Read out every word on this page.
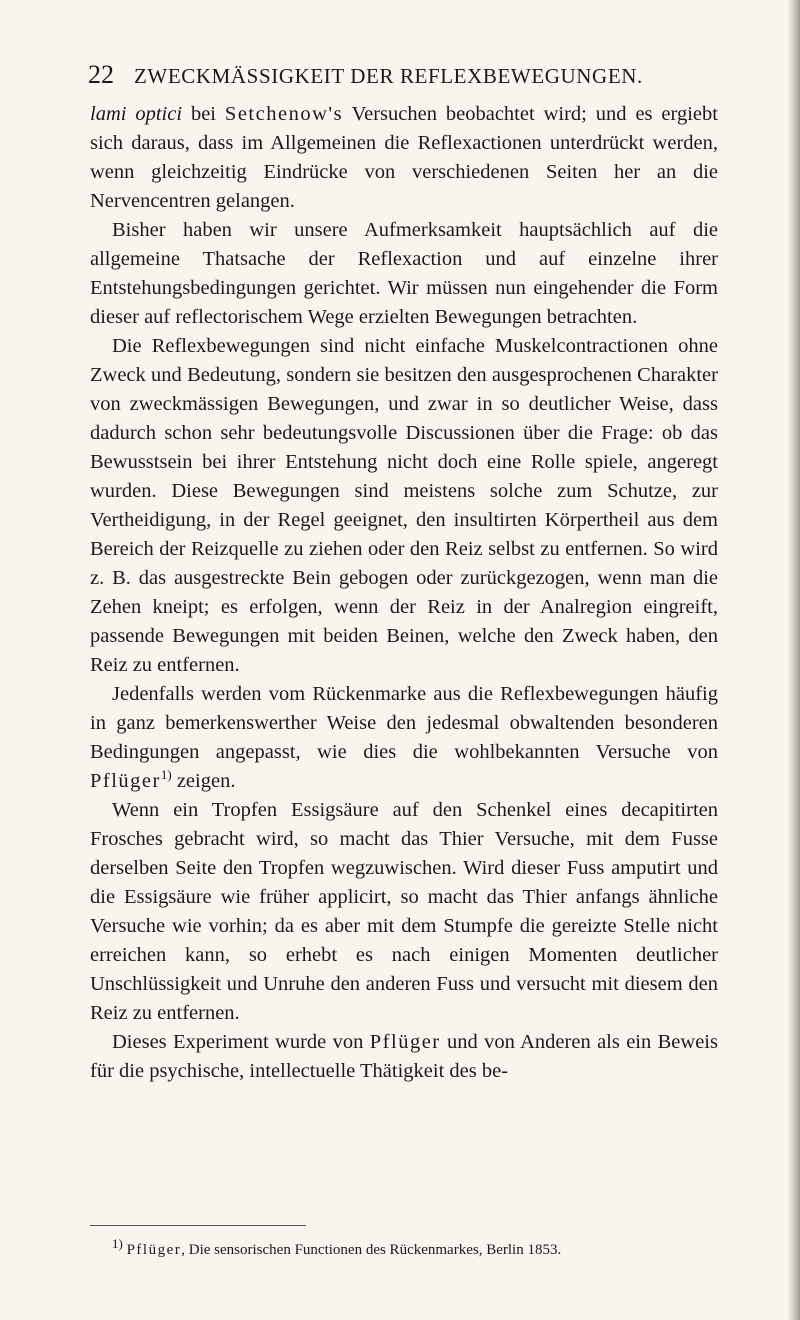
22 ZWECKMÄSSIGKEIT DER REFLEXBEWEGUNGEN.

lami optici bei Setchenow's Versuchen beobachtet wird; und es ergiebt sich daraus, dass im Allgemeinen die Reflexactionen unterdrückt werden, wenn gleichzeitig Eindrücke von verschiedenen Seiten her an die Nervencentren gelangen.

Bisher haben wir unsere Aufmerksamkeit hauptsächlich auf die allgemeine Thatsache der Reflexaction und auf einzelne ihrer Entstehungsbedingungen gerichtet. Wir müssen nun eingehender die Form dieser auf reflectorischem Wege erzielten Bewegungen betrachten.

Die Reflexbewegungen sind nicht einfache Muskelcontractionen ohne Zweck und Bedeutung, sondern sie besitzen den ausgesprochenen Charakter von zweckmässigen Bewegungen, und zwar in so deutlicher Weise, dass dadurch schon sehr bedeutungsvolle Discussionen über die Frage: ob das Bewusstsein bei ihrer Entstehung nicht doch eine Rolle spiele, angeregt wurden. Diese Bewegungen sind meistens solche zum Schutze, zur Vertheidigung, in der Regel geeignet, den insultirten Körpertheil aus dem Bereich der Reizquelle zu ziehen oder den Reiz selbst zu entfernen. So wird z. B. das ausgestreckte Bein gebogen oder zurückgezogen, wenn man die Zehen kneipt; es erfolgen, wenn der Reiz in der Analregion eingreift, passende Bewegungen mit beiden Beinen, welche den Zweck haben, den Reiz zu entfernen.

Jedenfalls werden vom Rückenmarke aus die Reflexbewegungen häufig in ganz bemerkenswerther Weise den jedesmal obwaltenden besonderen Bedingungen angepasst, wie dies die wohlbekannten Versuche von Pflüger$^{1)}$ zeigen.

Wenn ein Tropfen Essigsäure auf den Schenkel eines decapitirten Frosches gebracht wird, so macht das Thier Versuche, mit dem Fusse derselben Seite den Tropfen wegzuwischen. Wird dieser Fuss amputirt und die Essigsäure wie früher applicirt, so macht das Thier anfangs ähnliche Versuche wie vorhin; da es aber mit dem Stumpfe die gereizte Stelle nicht erreichen kann, so erhebt es nach einigen Momenten deutlicher Unschlüssigkeit und Unruhe den anderen Fuss und versucht mit diesem den Reiz zu entfernen.

Dieses Experiment wurde von Pflüger und von Anderen als ein Beweis für die psychische, intellectuelle Thätigkeit des be-

$^{1)}$ Pflüger, Die sensorischen Functionen des Rückenmarkes, Berlin 1853.
